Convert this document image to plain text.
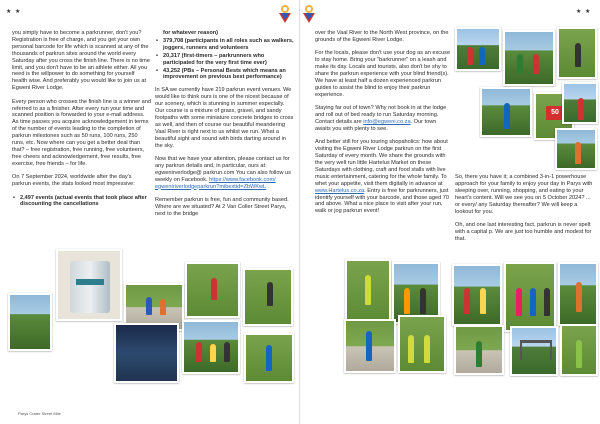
★ ★

you simply have to become a parkrunner, don't you? Registration is free of charge, and you get your own personal barcode for life which is scanned at any of the thousands of parkrun sites around the world every Saturday after you cross the finish line. There is no time limit, and you don't have to be an athlete either. All you need is the willpower to do something for yourself health wise. And preferably you would like to join us at Egweni River Lodge.

Every person who crosses the finish line is a winner and referred to as a finisher. After every run your time and scanned position is forwarded to your e-mail address. As time passes you acquire acknowledgement in terms of the number of events leading to the completion of parkrun milestones such as 50 runs, 100 runs, 250 runs, etc. Now where can you get a better deal than that? – free registration, free running, free volunteers, free cheers and acknowledgement, free results, free exercise, free friends – for life.

On 7 September 2024, worldwide after the day's parkrun events, the stats looked most impressive:

• 2,497 events (actual events that took place after discounting the cancellations
for whatever reason)
• 379,708 (participants in all roles such as walkers, joggers, runners and volunteers
• 20,317 (first-timers – parkrunners who participated for the very first time ever)
• 43,252 (PBs – Personal Bests which means an improvement on previous best performance)

In SA we currently have 219 parkrun event venues. We would like to think ours is one of the nicest because of our scenery, which is stunning in summer especially. Our course is a mixture of grass, gravel, and sandy footpaths with some miniature concrete bridges to cross as well, and then of course our beautiful meandering Vaal River is right next to us whilst we run. What a beautiful sight and sound with birds darting around in the sky.

Now that we have your attention, please contact us for any parkrun details and, in particular, ours at: egwenirverlodge@ parkrun.com You can also follow us weekly on Facebook. https://www.facebook.com/ egweniriverlodgeparkrun?mibextid=ZbWKwL

Remember parkrun is free, fun and community based. Where are we situated? At 2 Van Coller Street Parys, next to the bridge

Parys Crater Street Mile
★ ★

over the Vaal River to the North West province, on the grounds of the Egweni River Lodge.

For the locals, please don't use your dog as an excuse to stay home. Bring your "barkrunner" on a leash and make its day. Locals and tourists, also don't be shy to share the parkrun experience with your blind friend(s). We have at least half a dozen experienced parkrun guides to assist the blind to enjoy their parkrun experience.

Staying far out of town? Why not book in at the lodge and roll out of bed ready to run Saturday morning. Contact details are info@egweni.co.za. Our town awaits you with plenty to see.

And better still for you touring shopaholics: how about visiting the Egweni River Lodge parkrun on the first Saturday of every month. We share the grounds with the very well run little Hartelus Market on these Saturdays with clothing, craft and food stalls with live music entertainment, catering for the whole family. To whet your appetite, visit them digitally in advance at www.Hartelus.co.za. Entry is free for parkrunners, just identify yourself with your barcode, and those aged 70 and above. What a nice place to visit after your run, walk or jog parkrun event!

So, there you have it; a combined 3-in-1 powerhouse approach for your family to enjoy your day in Parys with sleeping over, running, shopping, and eating to your heart's content. Will we see you on 5 October 2024? ... or every/ any Saturday thereafter? We will keep a lookout for you.

Oh, and one last interesting fact, parkrun is never spelt with a capital p. We are just too humble and modest for that.

50
